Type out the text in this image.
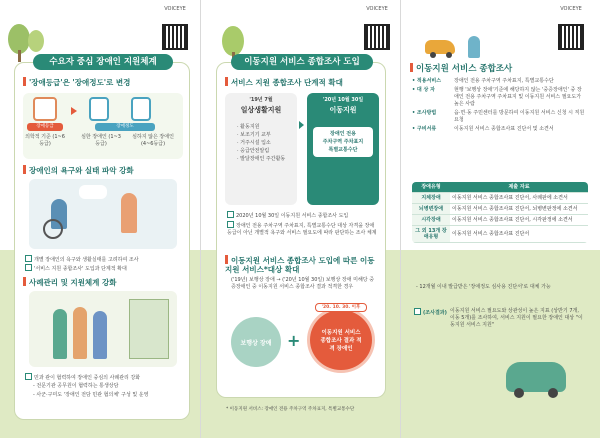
VOICEYE	VOICEYE	VOICEYE
수요자 중심 장애인 지원체계
'장애등급'은 '장애정도'로 변경
장애등급
의학적 기준 (1~6등급)
장애정도
심한 장애인 (1~3등급)
심하지 않은 장애인 (4~6등급)
장애인의 욕구와 실태 파악 강화
개별 장애인의 욕구와 생활실태를 고려하여 조사
'서비스 지원 종합조사' 도입과 단계적 확대
사례관리 및 지원체계 강화
민과 관이 협력하여 장애인 중심의 사례관리 강화
- 전문기관 공무원이 협력하는 통생상담
- 사군·구미도 '장애인 전담 민관 협의체' 구성 및 운영
이동지원 서비스 종합조사 도입
서비스 지원 종합조사 단계적 확대
'19년 7월
일상생활지원
· 활동지원
· 보조기기 교부
· 거주시설 입소
· 응급안전알림
· 발달장애인 주간활동
'20년 10월 30일
이동지원
장애인 전용
주차구역 주차표지
특별교통수단
2020년 10월 30일 이동지원 서비스 종합조사 도입
장애인 전용 주차구역 주차표지, 특별교통수단 대상 자격을 장애등급이 아닌 개별적 욕구와 서비스 필요도에 따라 판단하는 조사 체계
이동지원 서비스 종합조사 도입에 따른 이동지원 서비스*대상 확대
('19년) 보행상 장애 → ('20년 10월 30일) 보행상 장애 미해당 중증장애인 중 이동지원 서비스 종합조사 결과 적격한 경우
보행상 장애 +	이동지원 서비스 종합조사 결과 적격 장애인
'20. 10. 30. 이후
* 이동지원 서비스: 장애인 전용 주차구역 주차표지, 특별교통수단
이동지원 서비스 종합조사
• 적용서비스	장애인 전용 주차구역 주차표지, 특별교통수단
• 대 상 자	현행 '보행상 장애'기준에 해당하지 않는 '중증장애인' 중 장애인 전용 주차구역 주차표지 및 이동지원 서비스 필요도가 높은 사람
• 조사방법	읍·면·동 주민센터를 방문하여 이동지원 서비스 신청 시 직원 요청
• 구비서류	이동지원 서비스 종합조사표 진단서 및 소견서
장애유형	제출 자료
지체장애	이동지원 서비스 종합조사표 진단서, 사례판에 소견서
뇌병변장애	이동지원 서비스 종합조사표 진단서, 뇌병변판정에 소견서
시각장애	이동지원 서비스 종합조사표 진단서, 시각판정에 소견서
그 외 13개 장애유형	이동지원 서비스 종합조사표 진단서
- 12개월 이내 발급받은 '장애정도 심사용 진단서'로 대체 가능
(조사결과) 이동지원 서비스 필요도와 상관성이 높은 지표 (상반기 7개, 이동 5개)를 조사하여, 서비스 지원이 필요한 장애인 대상 "이동지원 서비스 지원"
